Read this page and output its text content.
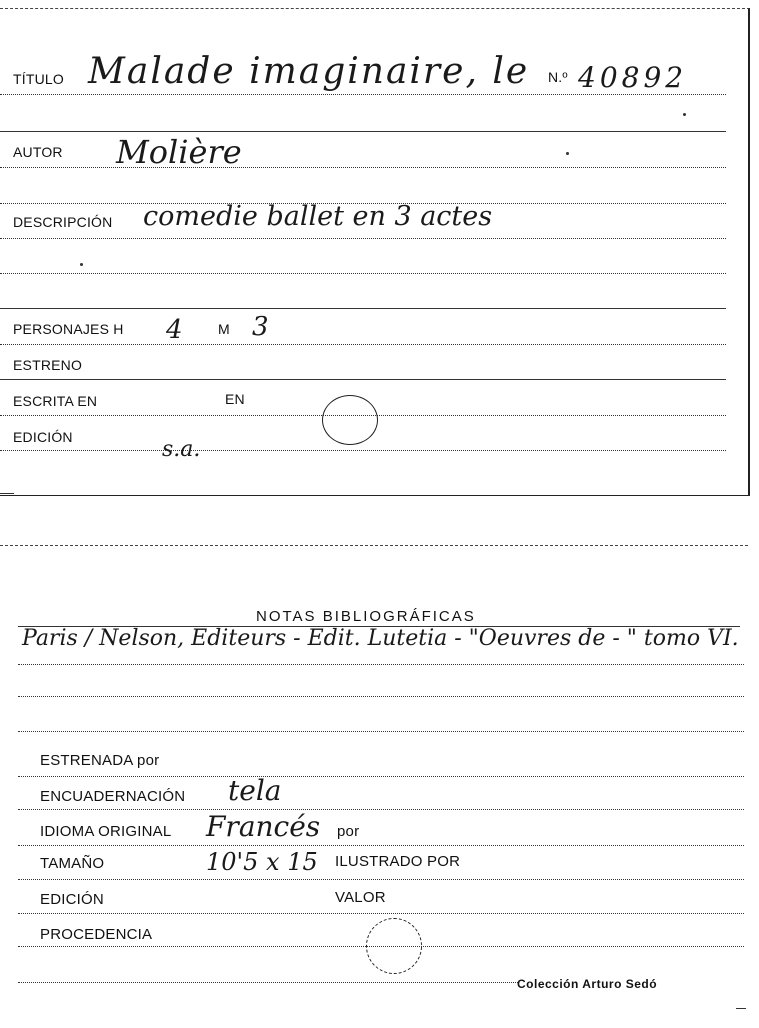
TÍTULO Malade imaginaire, le N.º 40892
AUTOR Molière
DESCRIPCIÓN comedie ballet en 3 actes
PERSONAJES H 4	M 3
ESTRENO
ESCRITA EN	EN
EDICIÓN	s.a.
NOTAS BIBLIOGRÁFICAS
Paris / Nelson, Editeurs - Edit. Lutetia - "Oeuvres de - " tomo VI.
ESTRENADA por
ENCUADERNACIÓN tela
IDIOMA ORIGINAL Francés por
TAMAÑO	10'5 x 15 ILUSTRADO POR
EDICIÓN	VALOR
PROCEDENCIA
Colección Arturo Sedó
